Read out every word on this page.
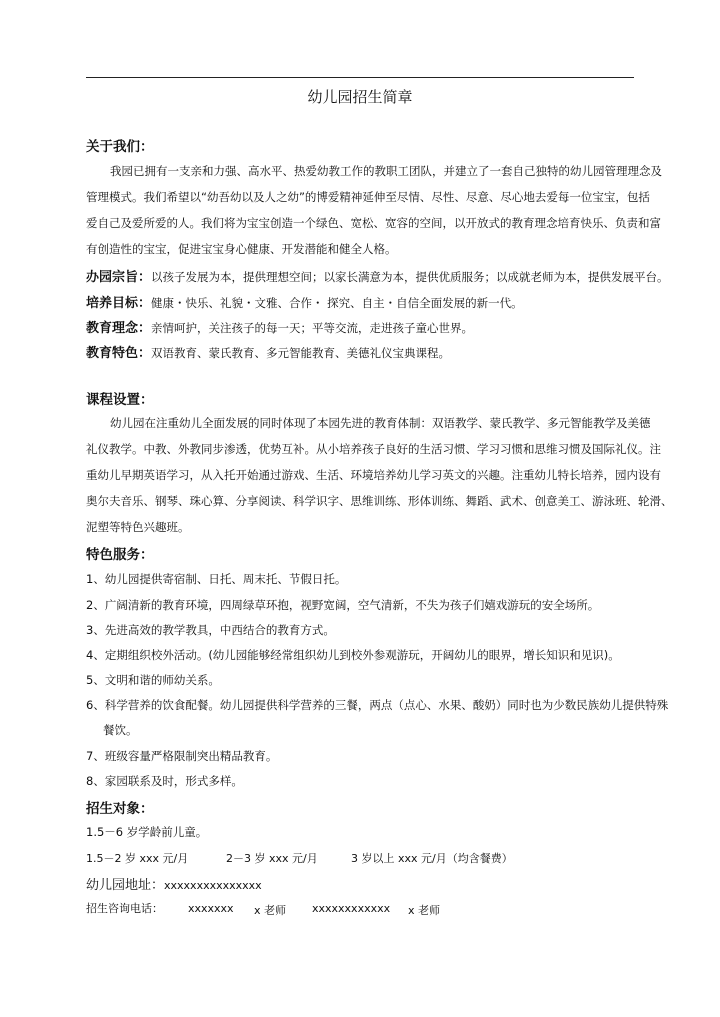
幼儿园招生简章
关于我们：
我园已拥有一支亲和力强、高水平、热爱幼教工作的教职工团队，并建立了一套自己独特的幼儿园管理理念及
管理模式。我们希望以“幼吾幼以及人之幼”的博爱精神延伸至尽情、尽性、尽意、尽心地去爱每一位宝宝，包括
爱自己及爱所爱的人。我们将为宝宝创造一个绿色、宽松、宽容的空间，以开放式的教育理念培育快乐、负责和富
有创造性的宝宝，促进宝宝身心健康、开发潜能和健全人格。
办园宗旨：以孩子发展为本，提供理想空间；以家长满意为本，提供优质服务；以成就老师为本，提供发展平台。
培养目标：健康・快乐、礼貌・文雅、合作・ 探究、自主・自信全面发展的新一代。
教育理念：亲情呵护，关注孩子的每一天；平等交流，走进孩子童心世界。
教育特色：双语教育、蒙氏教育、多元智能教育、美德礼仪宝典课程。
课程设置：
幼儿园在注重幼儿全面发展的同时体现了本园先进的教育体制：双语教学、蒙氏教学、多元智能教学及美德
礼仪教学。中教、外教同步渗透，优势互补。从小培养孩子良好的生活习惯、学习习惯和思维习惯及国际礼仪。注
重幼儿早期英语学习，从入托开始通过游戏、生活、环境培养幼儿学习英文的兴趣。注重幼儿特长培养，园内设有
奥尔夫音乐、钢琴、珠心算、分享阅读、科学识字、思维训练、形体训练、舞蹈、武术、创意美工、游泳班、轮滑、
泥塑等特色兴趣班。
特色服务：
1、幼儿园提供寄宿制、日托、周末托、节假日托。
2、广阔清新的教育环境，四周绿草环抱，视野宽阔，空气清新，不失为孩子们嬉戏游玩的安全场所。
3、先进高效的教学教具，中西结合的教育方式。
4、定期组织校外活动。(幼儿园能够经常组织幼儿到校外参观游玩，开阔幼儿的眼界，增长知识和见识)。
5、文明和谐的师幼关系。
6、科学营养的饮食配餐。幼儿园提供科学营养的三餐，两点（点心、水果、酸奶）同时也为少数民族幼儿提供特殊
餐饮。
7、班级容量严格限制突出精品教育。
8、家园联系及时，形式多样。
招生对象：
1.5－6 岁学龄前儿童。
1.5－2 岁 xxx 元/月	2－3 岁 xxx 元/月	3 岁以上 xxx 元/月（均含餐费）
幼儿园地址：xxxxxxxxxxxxxxx
招生咨询电话： xxxxxxx x 老师 xxxxxxxxxxxx x 老师
